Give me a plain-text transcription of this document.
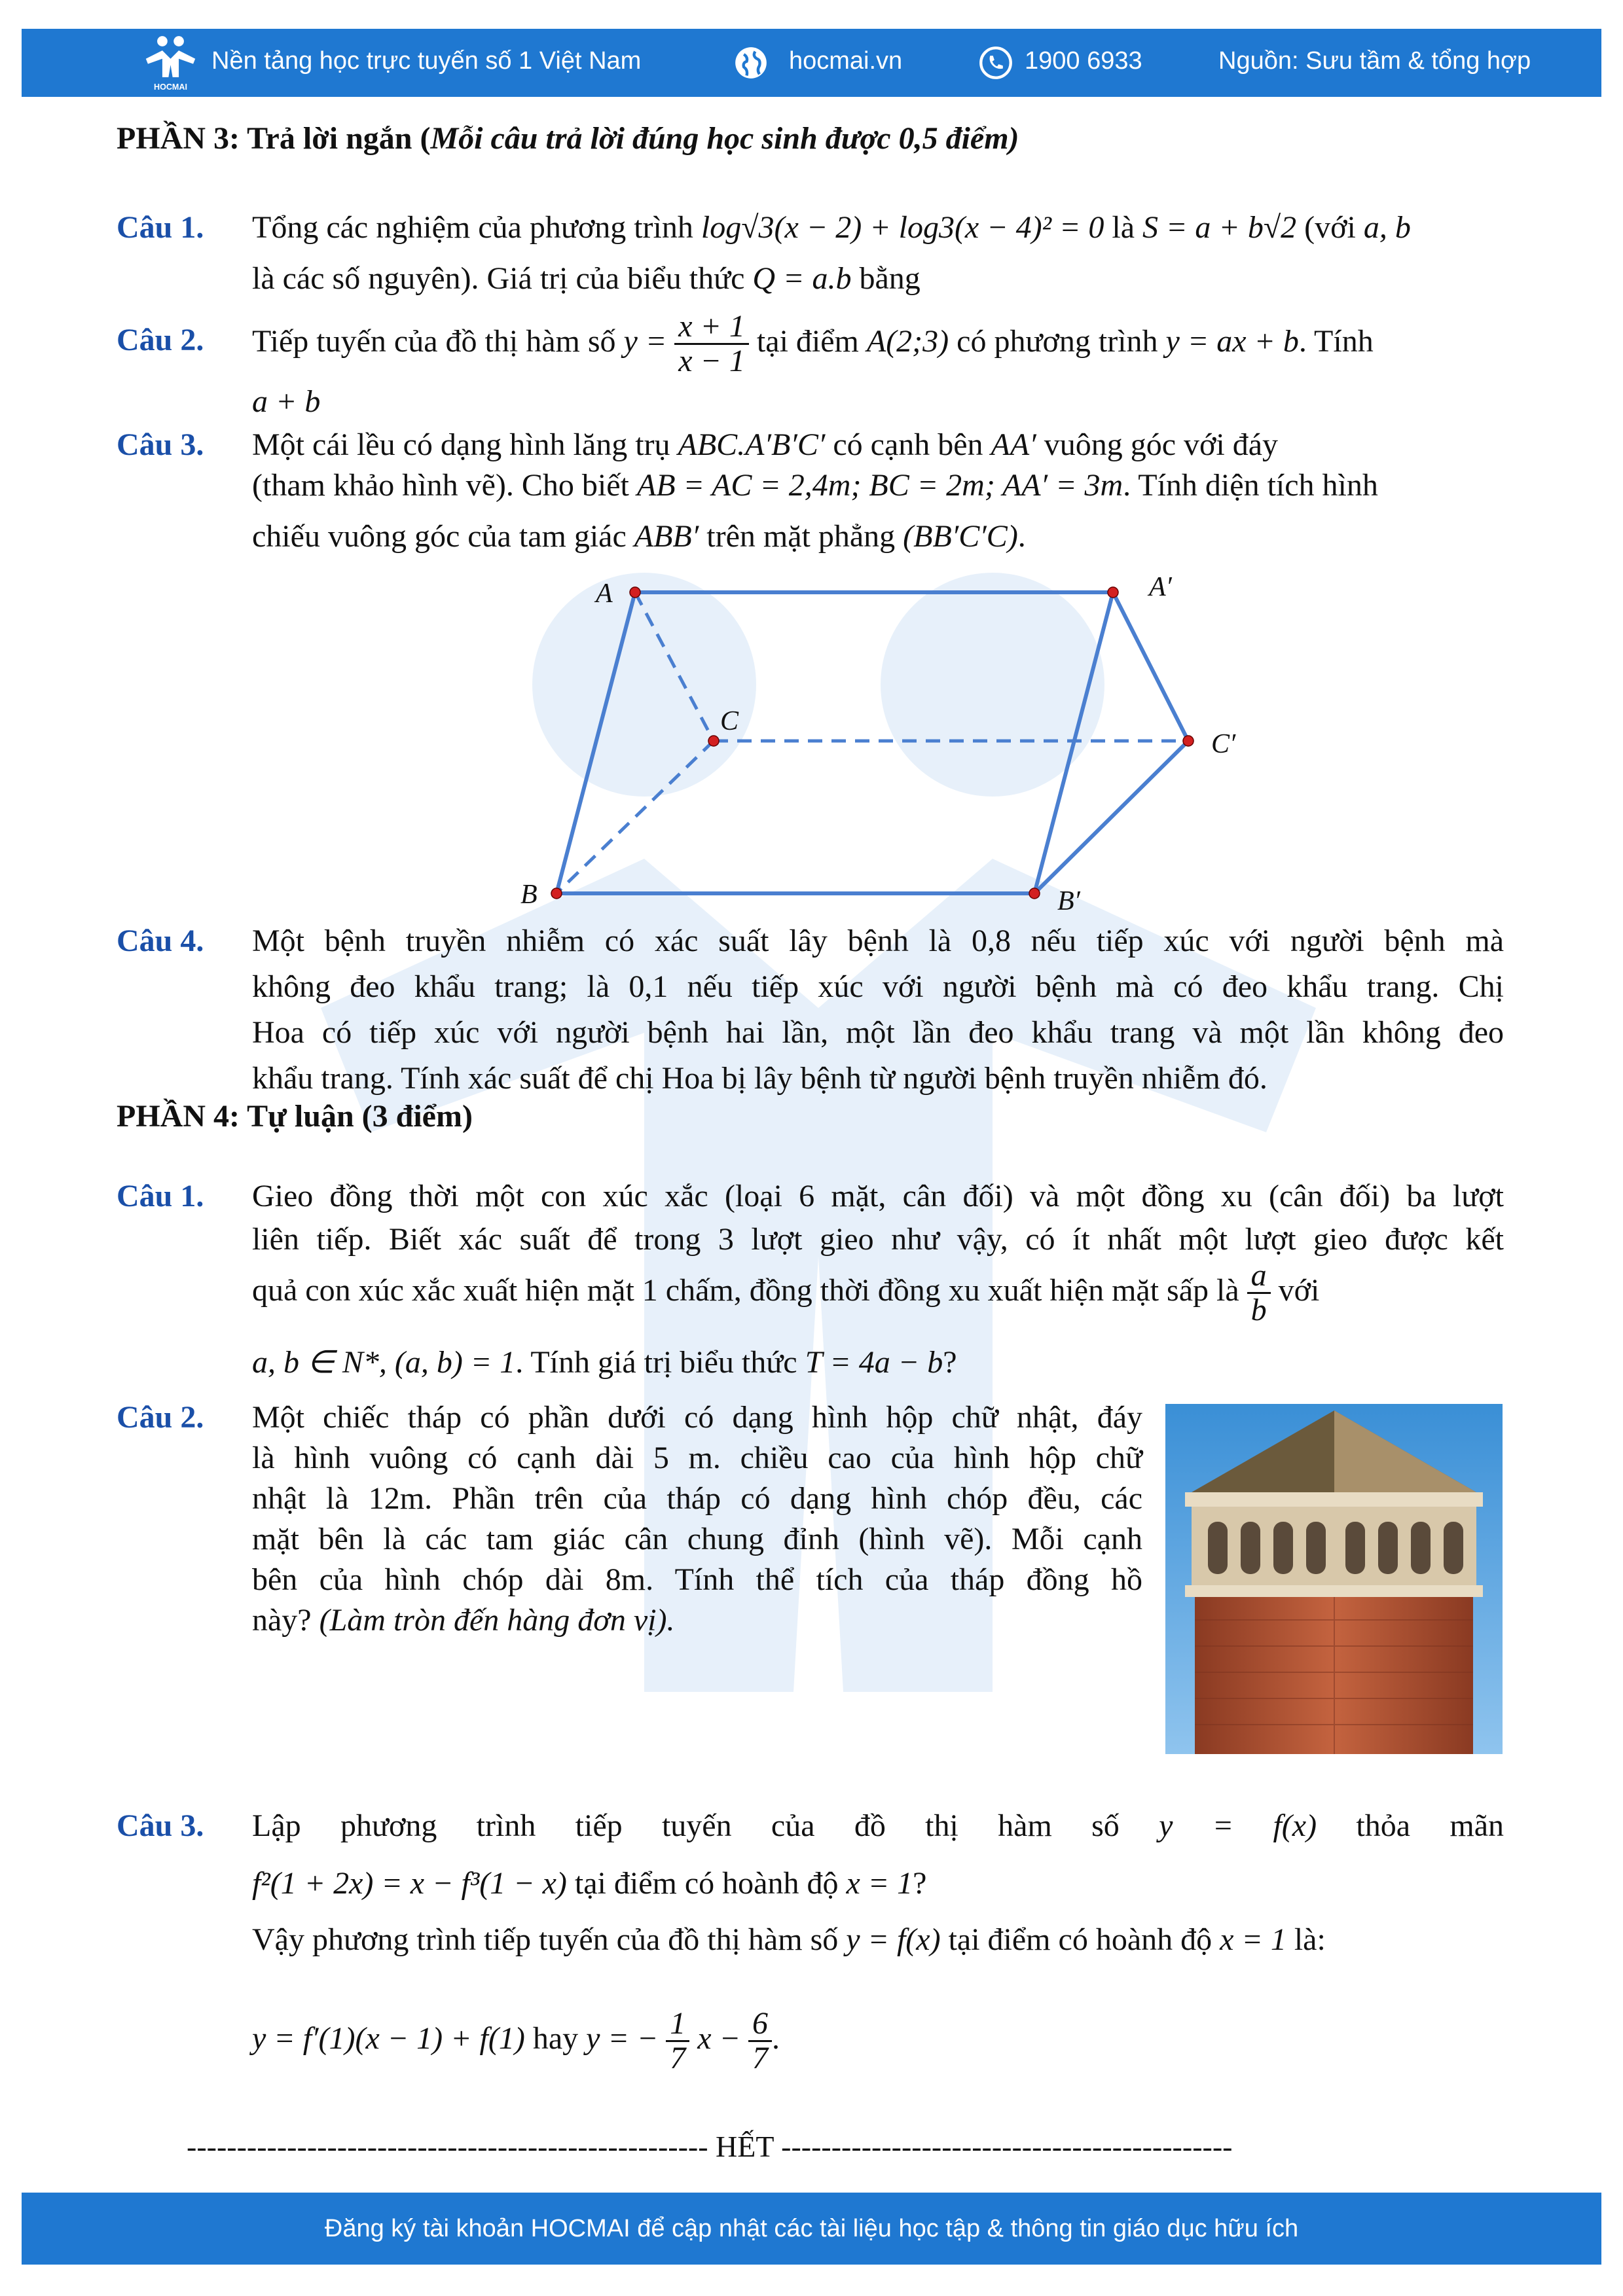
HOCMAI
Nền tảng học trực tuyến số 1 Việt Nam	hocmai.vn	1900 6933	Nguồn: Sưu tầm & tổng hợp
PHẦN 3: Trả lời ngắn (Mỗi câu trả lời đúng học sinh được 0,5 điểm)
Câu 1. Tổng các nghiệm của phương trình log√3(x − 2) + log3(x − 4)² = 0 là S = a + b√2 (với a, b
là các số nguyên). Giá trị của biểu thức Q = a.b bằng
Câu 2. Tiếp tuyến của đồ thị hàm số $y = \frac{x + 1}{x - 1}$ tại điểm A(2;3) có phương trình y = ax + b. Tính
a + b
Câu 3. Một cái lều có dạng hình lăng trụ ABC.A′B′C′ có cạnh bên AA′ vuông góc với đáy
(tham khảo hình vẽ). Cho biết AB = AC = 2,4m; BC = 2m; AA′ = 3m. Tính diện tích hình
chiếu vuông góc của tam giác ABB′ trên mặt phẳng (BB′C′C).
A	A′
B	B′
C
C′
Câu 4. Một bệnh truyền nhiễm có xác suất lây bệnh là 0,8 nếu tiếp xúc với người bệnh mà
không đeo khẩu trang; là 0,1 nếu tiếp xúc với người bệnh mà có đeo khẩu trang. Chị
Hoa có tiếp xúc với người bệnh hai lần, một lần đeo khẩu trang và một lần không đeo
khẩu trang. Tính xác suất để chị Hoa bị lây bệnh từ người bệnh truyền nhiễm đó.
PHẦN 4: Tự luận (3 điểm)
Câu 1. Gieo đồng thời một con xúc xắc (loại 6 mặt, cân đối) và một đồng xu (cân đối) ba lượt
liên tiếp. Biết xác suất để trong 3 lượt gieo như vậy, có ít nhất một lượt gieo được kết
quả con xúc xắc xuất hiện mặt 1 chấm, đồng thời đồng xu xuất hiện mặt sấp là $\frac{a}{b}$ với
a, b ∈ N*, (a, b) = 1. Tính giá trị biểu thức T = 4a − b?
Câu 2. Một chiếc tháp có phần dưới có dạng hình hộp chữ nhật, đáy
là hình vuông có cạnh dài 5 m. chiều cao của hình hộp chữ
nhật là 12m. Phần trên của tháp có dạng hình chóp đều, các
mặt bên là các tam giác cân chung đỉnh (hình vẽ). Mỗi cạnh
bên của hình chóp dài 8m. Tính thể tích của tháp đồng hồ
này? (Làm tròn đến hàng đơn vị).
Câu 3. Lập phương trình tiếp tuyến của đồ thị hàm số y = f(x) thỏa mãn
f²(1 + 2x) = x − f³(1 − x) tại điểm có hoành độ x = 1?
Vậy phương trình tiếp tuyến của đồ thị hàm số y = f(x) tại điểm có hoành độ x = 1 là:
y = f′(1)(x − 1) + f(1) hay y = − $\frac{1}{7}$ $x - \frac{6}{7}$ .
---------------------------------------------------- HẾT ---------------------------------------------
Đăng ký tài khoản HOCMAI để cập nhật các tài liệu học tập & thông tin giáo dục hữu ích
